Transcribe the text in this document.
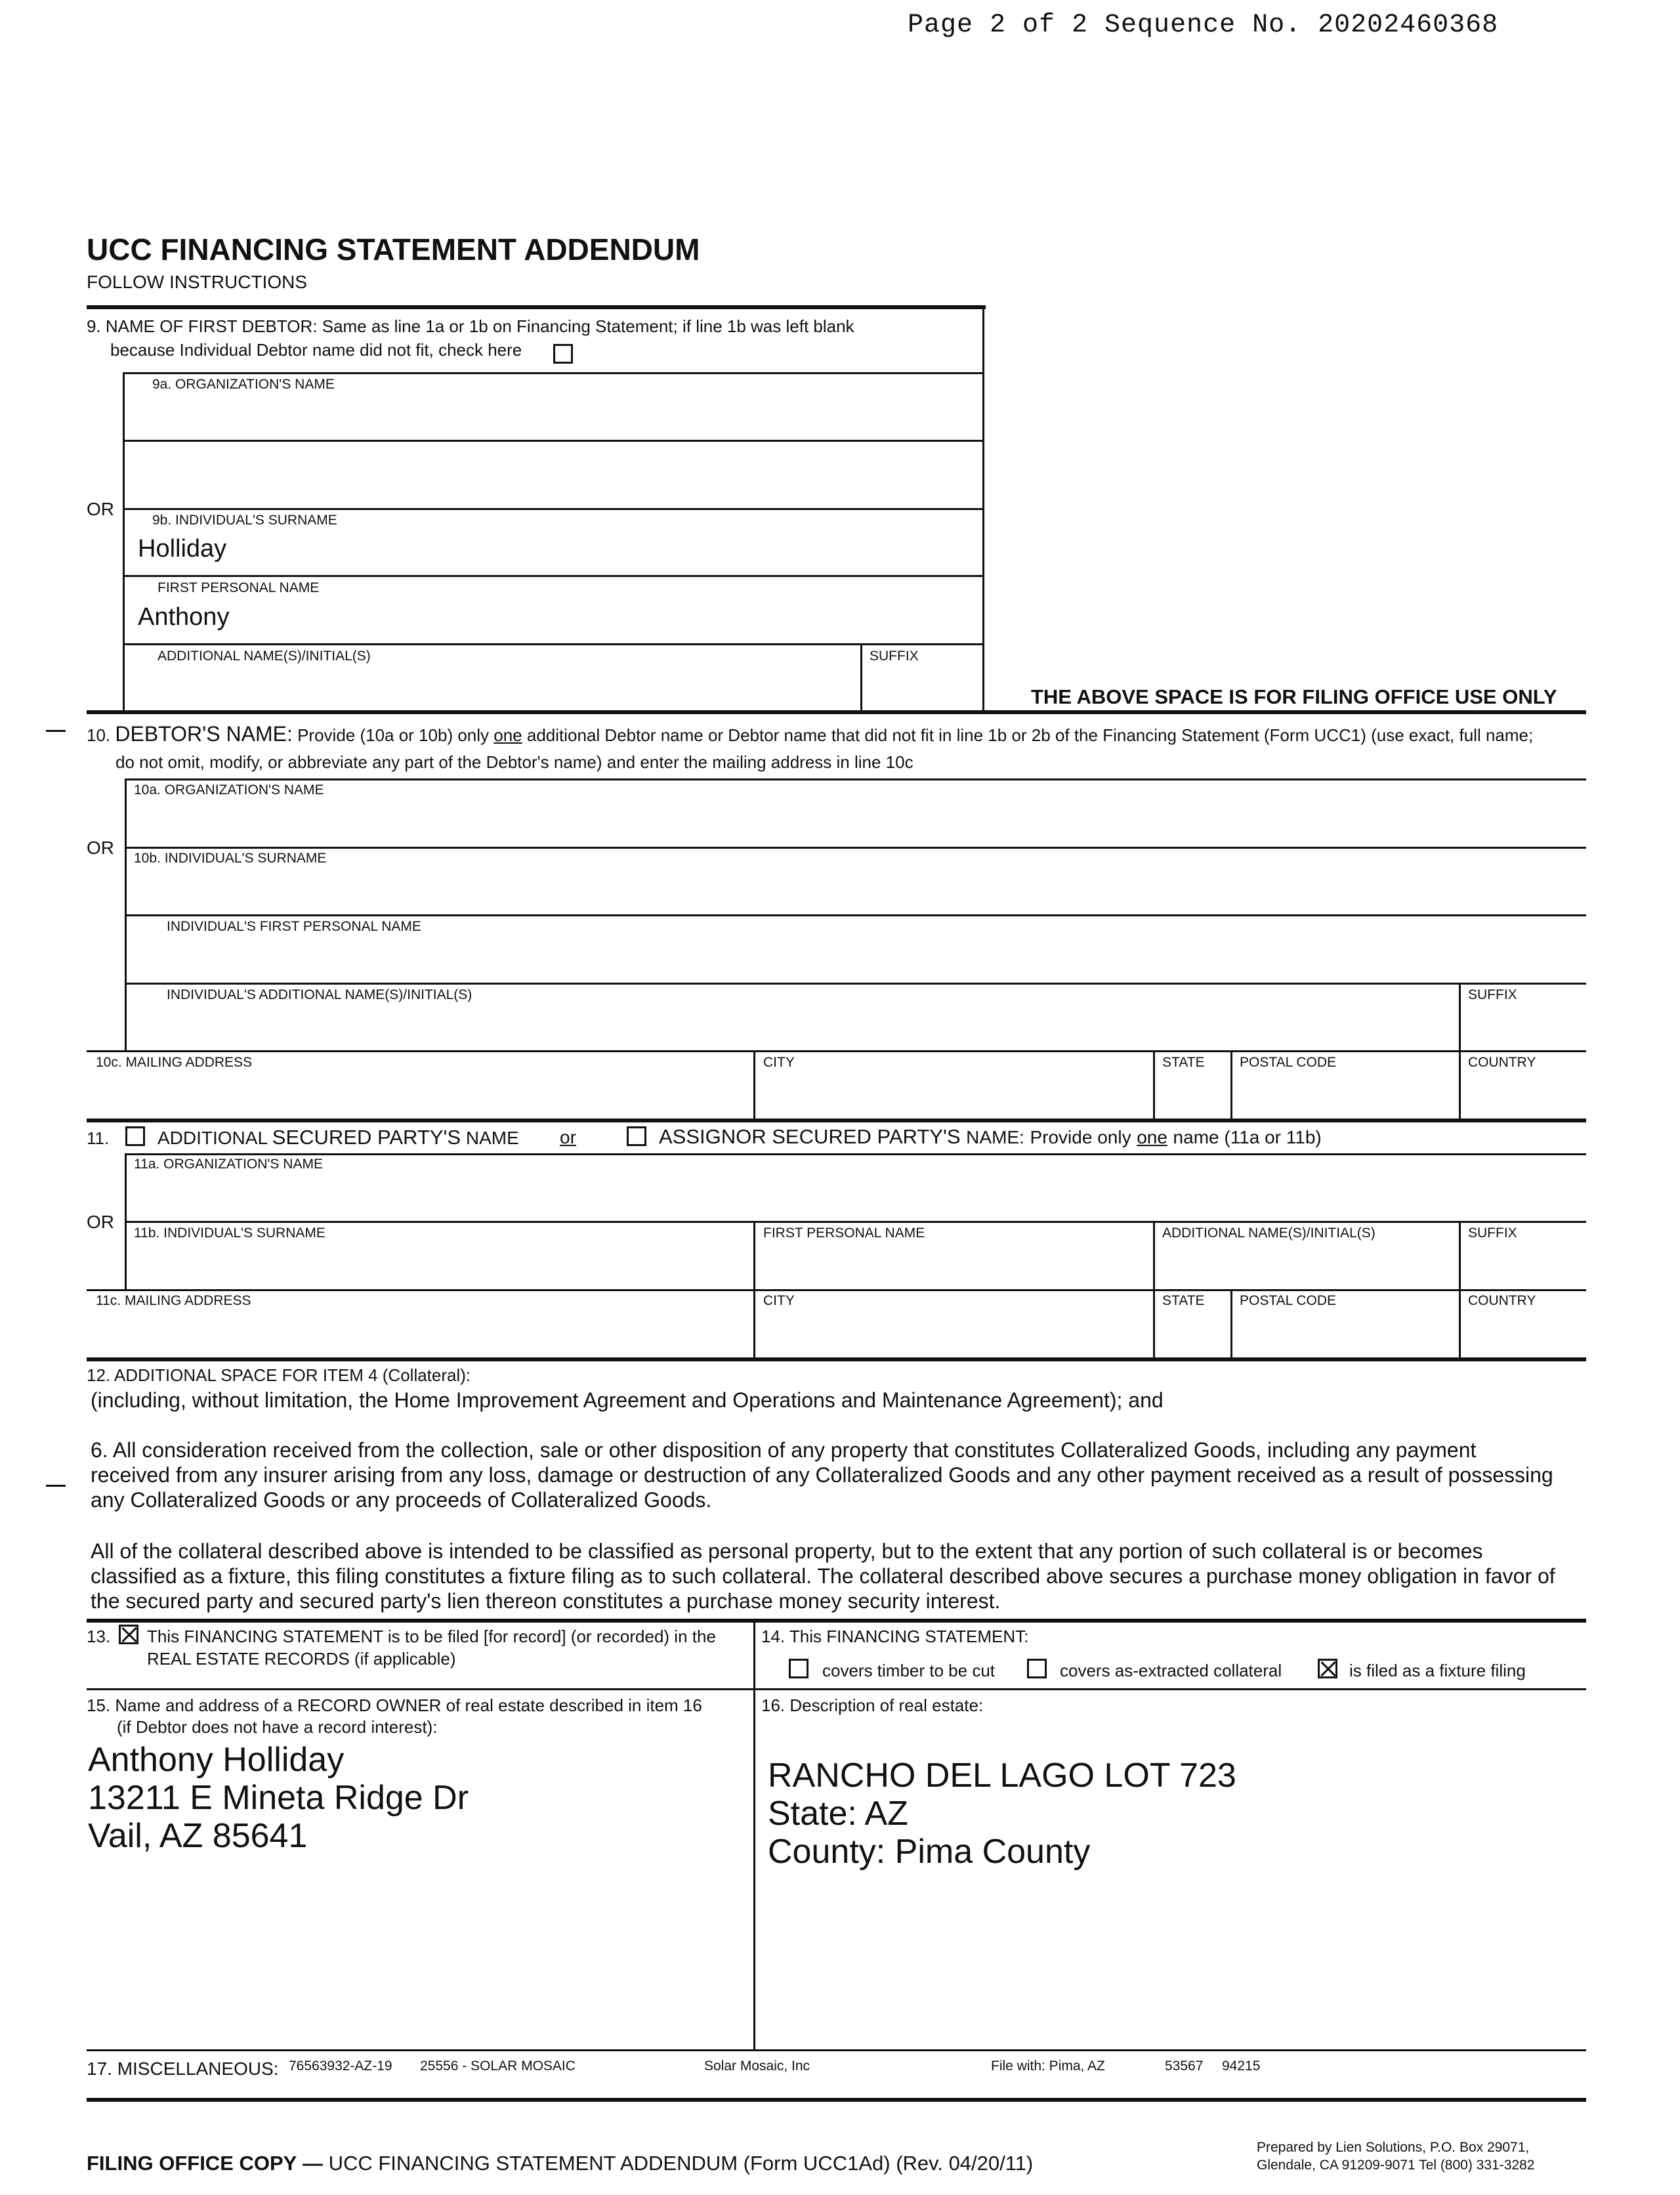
Page 2 of 2 Sequence No. 20202460368
UCC FINANCING STATEMENT ADDENDUM
FOLLOW INSTRUCTIONS
9. NAME OF FIRST DEBTOR: Same as line 1a or 1b on Financing Statement; if line 1b was left blank
because Individual Debtor name did not fit, check here
9a. ORGANIZATION'S NAME
OR
9b. INDIVIDUAL'S SURNAME
Holliday
FIRST PERSONAL NAME
Anthony
ADDITIONAL NAME(S)/INITIAL(S)	SUFFIX
THE ABOVE SPACE IS FOR FILING OFFICE USE ONLY
10. DEBTOR'S NAME: Provide (10a or 10b) only one additional Debtor name or Debtor name that did not fit in line 1b or 2b of the Financing Statement (Form UCC1) (use exact, full name;
do not omit, modify, or abbreviate any part of the Debtor's name) and enter the mailing address in line 10c
10a. ORGANIZATION'S NAME
OR
10b. INDIVIDUAL'S SURNAME
INDIVIDUAL'S FIRST PERSONAL NAME
INDIVIDUAL'S ADDITIONAL NAME(S)/INITIAL(S)	SUFFIX
10c. MAILING ADDRESS	CITY	STATE	POSTAL CODE	COUNTRY
11.	ADDITIONAL SECURED PARTY'S NAME or	ASSIGNOR SECURED PARTY'S NAME: Provide only one name (11a or 11b)
11a. ORGANIZATION'S NAME
OR
11b. INDIVIDUAL'S SURNAME	FIRST PERSONAL NAME	ADDITIONAL NAME(S)/INITIAL(S)	SUFFIX
11c. MAILING ADDRESS	CITY	STATE	POSTAL CODE	COUNTRY
12. ADDITIONAL SPACE FOR ITEM 4 (Collateral):
(including, without limitation, the Home Improvement Agreement and Operations and Maintenance Agreement); and
6. All consideration received from the collection, sale or other disposition of any property that constitutes Collateralized Goods, including any payment received from any insurer arising from any loss, damage or destruction of any Collateralized Goods and any other payment received as a result of possessing any Collateralized Goods or any proceeds of Collateralized Goods.
All of the collateral described above is intended to be classified as personal property, but to the extent that any portion of such collateral is or becomes classified as a fixture, this filing constitutes a fixture filing as to such collateral. The collateral described above secures a purchase money obligation in favor of the secured party and secured party's lien thereon constitutes a purchase money security interest.
13. This FINANCING STATEMENT is to be filed [for record] (or recorded) in the
REAL ESTATE RECORDS (if applicable)
14. This FINANCING STATEMENT:
covers timber to be cut	covers as-extracted collateral	is filed as a fixture filing
15. Name and address of a RECORD OWNER of real estate described in item 16
(if Debtor does not have a record interest):
Anthony Holliday
13211 E Mineta Ridge Dr
Vail, AZ 85641
16. Description of real estate:
RANCHO DEL LAGO LOT 723
State: AZ
County: Pima County
17. MISCELLANEOUS: 76563932-AZ-19 25556 - SOLAR MOSAIC	Solar Mosaic, Inc	File with: Pima, AZ	53567 94215
FILING OFFICE COPY — UCC FINANCING STATEMENT ADDENDUM (Form UCC1Ad) (Rev. 04/20/11)
Prepared by Lien Solutions, P.O. Box 29071,
Glendale, CA 91209-9071 Tel (800) 331-3282
